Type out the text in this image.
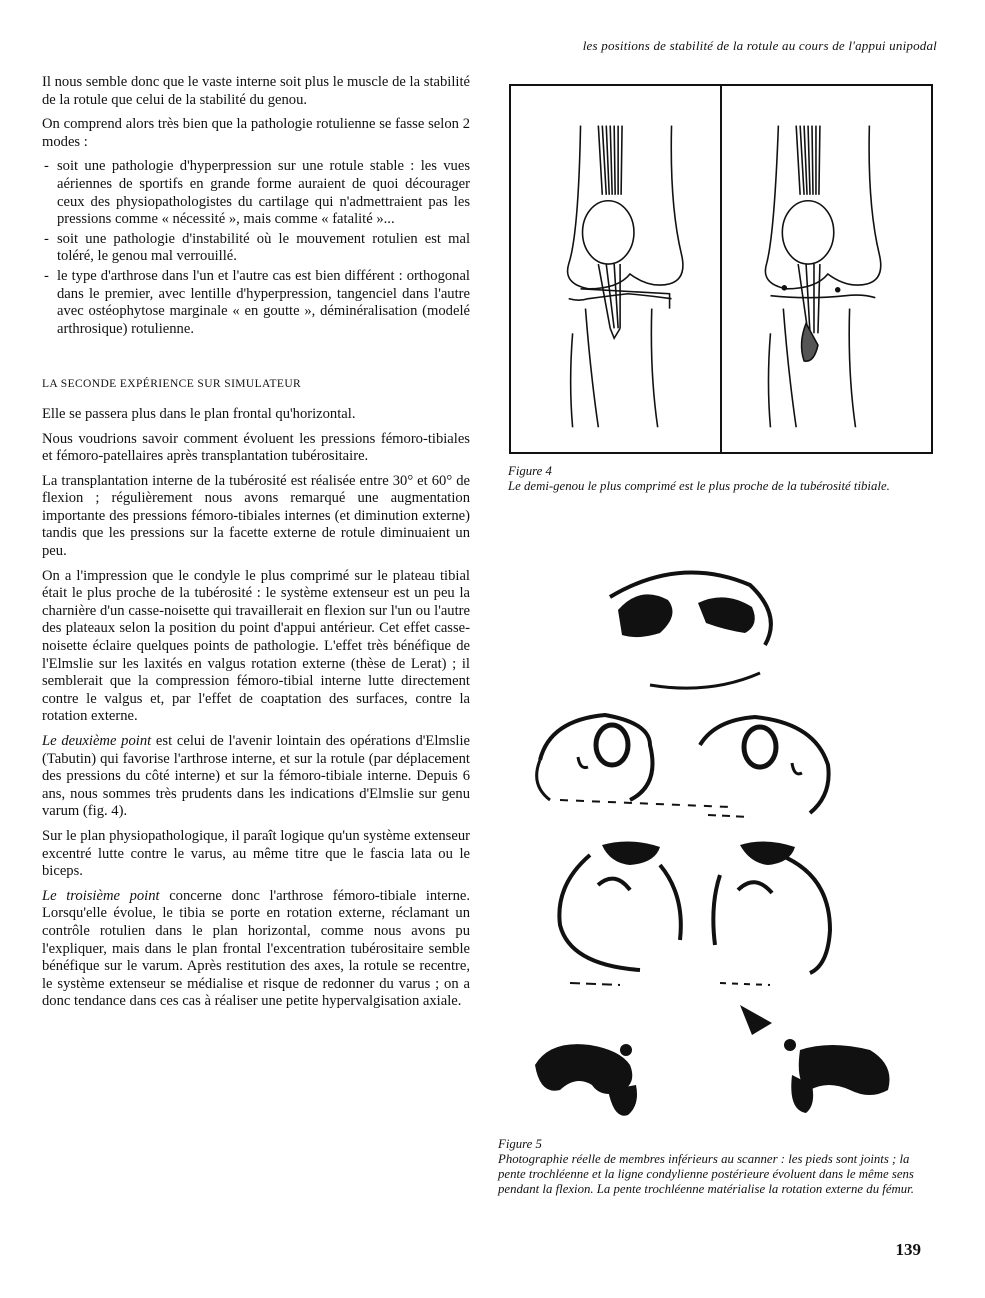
les positions de stabilité de la rotule au cours de l'appui unipodal

Il nous semble donc que le vaste interne soit plus le muscle de la stabilité de la rotule que celui de la stabilité du genou.

On comprend alors très bien que la pathologie rotulienne se fasse selon 2 modes :

- soit une pathologie d'hyperpression sur une rotule stable : les vues aériennes de sportifs en grande forme auraient de quoi décourager ceux des physiopathologistes du cartilage qui n'admettraient pas les pressions comme « nécessité », mais comme « fatalité »...
- soit une pathologie d'instabilité où le mouvement rotulien est mal toléré, le genou mal verrouillé.
- le type d'arthrose dans l'un et l'autre cas est bien différent : orthogonal dans le premier, avec lentille d'hyperpression, tangenciel dans l'autre avec ostéophytose marginale « en goutte », déminéralisation (modelé arthrosique) rotulienne.

LA SECONDE EXPÉRIENCE SUR SIMULATEUR

Elle se passera plus dans le plan frontal qu'horizontal.

Nous voudrions savoir comment évoluent les pressions fémoro-tibiales et fémoro-patellaires après transplantation tubérositaire.

La transplantation interne de la tubérosité est réalisée entre 30° et 60° de flexion ; régulièrement nous avons remarqué une augmentation importante des pressions fémoro-tibiales internes (et diminution externe) tandis que les pressions sur la facette externe de rotule diminuaient un peu.

On a l'impression que le condyle le plus comprimé sur le plateau tibial était le plus proche de la tubérosité : le système extenseur est un peu la charnière d'un casse-noisette qui travaillerait en flexion sur l'un ou l'autre des plateaux selon la position du point d'appui antérieur. Cet effet casse-noisette éclaire quelques points de pathologie. L'effet très bénéfique de l'Elmslie sur les laxités en valgus rotation externe (thèse de Lerat) ; il semblerait que la compression fémoro-tibial interne lutte directement contre le valgus et, par l'effet de coaptation des surfaces, contre la rotation externe.

Le deuxième point est celui de l'avenir lointain des opérations d'Elmslie (Tabutin) qui favorise l'arthrose interne, et sur la rotule (par déplacement des pressions du côté interne) et sur la fémoro-tibiale interne. Depuis 6 ans, nous sommes très prudents dans les indications d'Elmslie sur genu varum (fig. 4).

Sur le plan physiopathologique, il paraît logique qu'un système extenseur excentré lutte contre le varus, au même titre que le fascia lata ou le biceps.

Le troisième point concerne donc l'arthrose fémoro-tibiale interne. Lorsqu'elle évolue, le tibia se porte en rotation externe, réclamant un contrôle rotulien dans le plan horizontal, comme nous avons pu l'expliquer, mais dans le plan frontal l'excentration tubérositaire semble bénéfique sur le varum. Après restitution des axes, la rotule se recentre, le système extenseur se médialise et risque de redonner du varus ; on a donc tendance dans ces cas à réaliser une petite hypervalgisation axiale.

Figure 4
Le demi-genou le plus comprimé est le plus proche de la tubérosité tibiale.
Figure 5
Photographie réelle de membres inférieurs au scanner : les pieds sont joints ; la pente trochléenne et la ligne condylienne postérieure évoluent dans le même sens pendant la flexion. La pente trochléenne matérialise la rotation externe du fémur.
139
